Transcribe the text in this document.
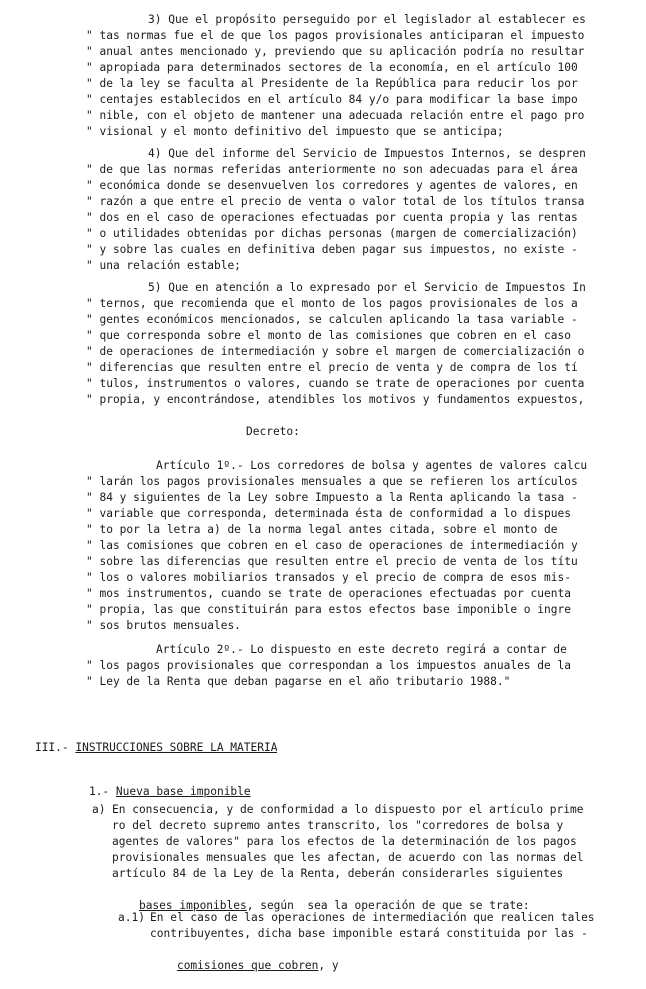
3) Que el propósito perseguido por el legislador al establecer es
" tas normas fue el de que los pagos provisionales anticiparan el impuesto
" anual antes mencionado y, previendo que su aplicación podría no resultar
" apropiada para determinados sectores de la economía, en el artículo 100
" de la ley se faculta al Presidente de la República para reducir los por
" centajes establecidos en el artículo 84 y/o para modificar la base impo
" nible, con el objeto de mantener una adecuada relación entre el pago pro
" visional y el monto definitivo del impuesto que se anticipa;
4) Que del informe del Servicio de Impuestos Internos, se despren
" de que las normas referidas anteriormente no son adecuadas para el área
" económica donde se desenvuelven los corredores y agentes de valores, en
" razón a que entre el precio de venta o valor total de los títulos transa
" dos en el caso de operaciones efectuadas por cuenta propia y las rentas
" o utilidades obtenidas por dichas personas (margen de comercialización)
" y sobre las cuales en definitiva deben pagar sus impuestos, no existe -
" una relación estable;
5) Que en atención a lo expresado por el Servicio de Impuestos In
" ternos, que recomienda que el monto de los pagos provisionales de los a
" gentes económicos mencionados, se calculen aplicando la tasa variable -
" que corresponda sobre el monto de las comisiones que cobren en el caso
" de operaciones de intermediación y sobre el margen de comercialización o
" diferencias que resulten entre el precio de venta y de compra de los tí
" tulos, instrumentos o valores, cuando se trate de operaciones por cuenta
" propia, y encontrándose, atendibles los motivos y fundamentos expuestos,
Decreto:
Artículo 1º.- Los corredores de bolsa y agentes de valores calcu
" larán los pagos provisionales mensuales a que se refieren los artículos
" 84 y siguientes de la Ley sobre Impuesto a la Renta aplicando la tasa -
" variable que corresponda, determinada ésta de conformidad a lo dispues
" to por la letra a) de la norma legal antes citada, sobre el monto de
" las comisiones que cobren en el caso de operaciones de intermediación y
" sobre las diferencias que resulten entre el precio de venta de los títu
" los o valores mobiliarios transados y el precio de compra de esos mis-
" mos instrumentos, cuando se trate de operaciones efectuadas por cuenta
" propia, las que constituirán para estos efectos base imponible o ingre
" sos brutos mensuales.
Artículo 2º.- Lo dispuesto en este decreto regirá a contar de
" los pagos provisionales que correspondan a los impuestos anuales de la
" Ley de la Renta que deban pagarse en el año tributario 1988."

III.- INSTRUCCIONES SOBRE LA MATERIA

1.- Nueva base imponible

a) En consecuencia, y de conformidad a lo dispuesto por el artículo prime
ro del decreto supremo antes transcrito, los "corredores de bolsa y
agentes de valores" para los efectos de la determinación de los pagos
provisionales mensuales que les afectan, de acuerdo con las normas del
artículo 84 de la Ley de la Renta, deberán considerarles siguientes

bases imponibles, según  sea la operación de que se trate:

a.1) En el caso de las operaciones de intermediación que realicen tales
contribuyentes, dicha base imponible estará constituida por las -

comisiones que cobren, y
